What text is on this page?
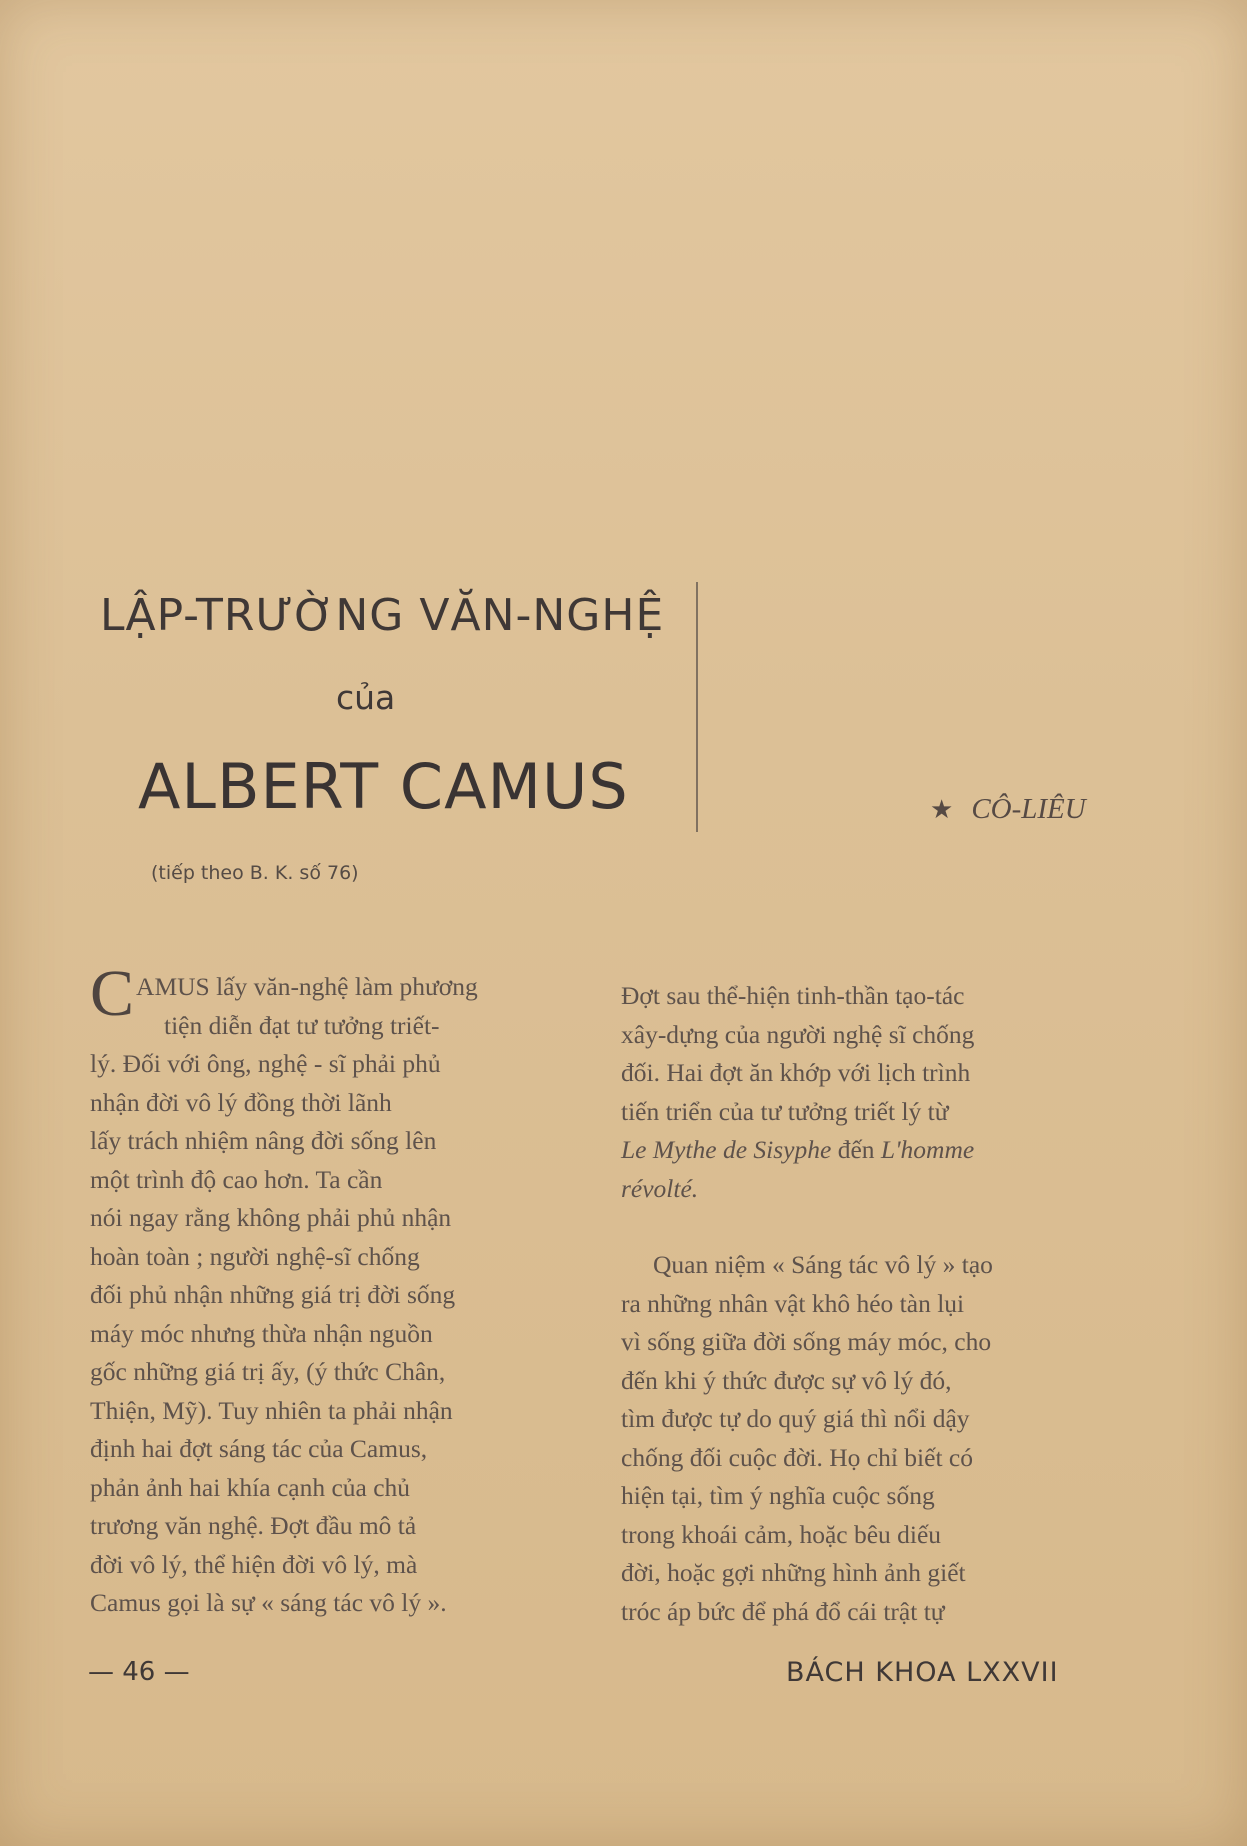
LẬP-TRƯỜNG VĂN-NGHỆ
của
ALBERT CAMUS	★ CÔ-LIÊU
(tiếp theo B. K. số 76)
C AMUS lấy văn-nghệ làm phương
tiện diễn đạt tư tưởng triết-
lý. Đối với ông, nghệ - sĩ phải phủ
nhận đời vô lý đồng thời lãnh
lấy trách nhiệm nâng đời sống lên
một trình độ cao hơn. Ta cần
nói ngay rằng không phải phủ nhận
hoàn toàn ; người nghệ-sĩ chống
đối phủ nhận những giá trị đời sống
máy móc nhưng thừa nhận nguồn
gốc những giá trị ấy, (ý thức Chân,
Thiện, Mỹ). Tuy nhiên ta phải nhận
định hai đợt sáng tác của Camus,
phản ảnh hai khía cạnh của chủ
trương văn nghệ. Đợt đầu mô tả
đời vô lý, thể hiện đời vô lý, mà
Camus gọi là sự « sáng tác vô lý ».
Đợt sau thể-hiện tinh-thần tạo-tác
xây-dựng của người nghệ sĩ chống
đối. Hai đợt ăn khớp với lịch trình
tiến triển của tư tưởng triết lý từ
Le Mythe de Sisyphe đến L'homme
révolté.
Quan niệm « Sáng tác vô lý » tạo
ra những nhân vật khô héo tàn lụi
vì sống giữa đời sống máy móc, cho
đến khi ý thức được sự vô lý đó,
tìm được tự do quý giá thì nổi dậy
chống đối cuộc đời. Họ chỉ biết có
hiện tại, tìm ý nghĩa cuộc sống
trong khoái cảm, hoặc bêu diếu
đời, hoặc gợi những hình ảnh giết
tróc áp bức để phá đổ cái trật tự
— 46 —	BÁCH KHOA LXXVII
